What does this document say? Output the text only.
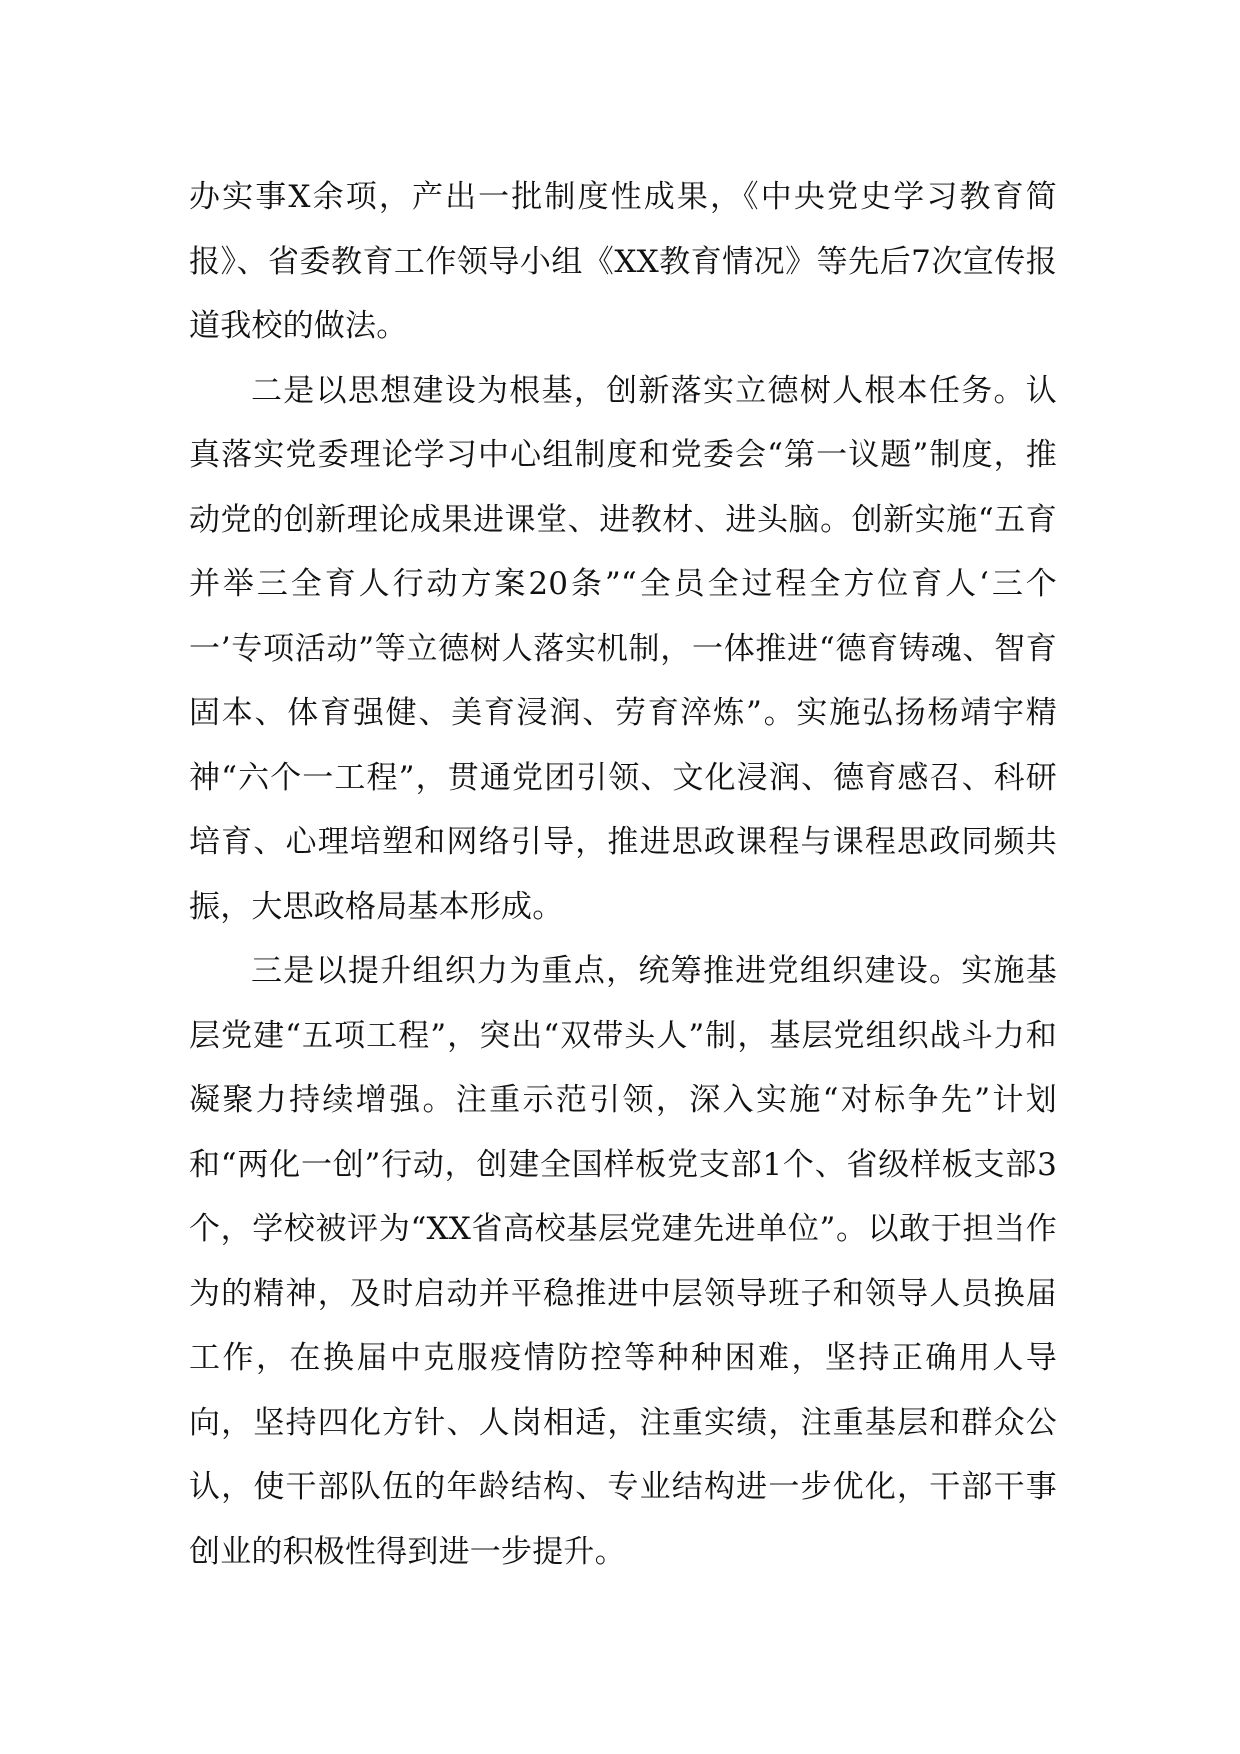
办实事X余项，产出一批制度性成果，《中央党史学习教育简报》、省委教育工作领导小组《XX教育情况》等先后7次宣传报道我校的做法。

二是以思想建设为根基，创新落实立德树人根本任务。认真落实党委理论学习中心组制度和党委会“第一议题”制度，推动党的创新理论成果进课堂、进教材、进头脑。创新实施“五育并举三全育人行动方案20条”“全员全过程全方位育人‘三个一’专项活动”等立德树人落实机制，一体推进“德育铸魂、智育固本、体育强健、美育浸润、劳育淬炼”。实施弘扬杨靖宇精神“六个一工程”，贯通党团引领、文化浸润、德育感召、科研培育、心理培塑和网络引导，推进思政课程与课程思政同频共振，大思政格局基本形成。

三是以提升组织力为重点，统筹推进党组织建设。实施基层党建“五项工程”，突出“双带头人”制，基层党组织战斗力和凝聚力持续增强。注重示范引领，深入实施“对标争先”计划和“两化一创”行动，创建全国样板党支部1个、省级样板支部3个，学校被评为“XX省高校基层党建先进单位”。以敢于担当作为的精神，及时启动并平稳推进中层领导班子和领导人员换届工作，在换届中克服疫情防控等种种困难，坚持正确用人导向，坚持四化方针、人岗相适，注重实绩，注重基层和群众公认，使干部队伍的年龄结构、专业结构进一步优化，干部干事创业的积极性得到进一步提升。
